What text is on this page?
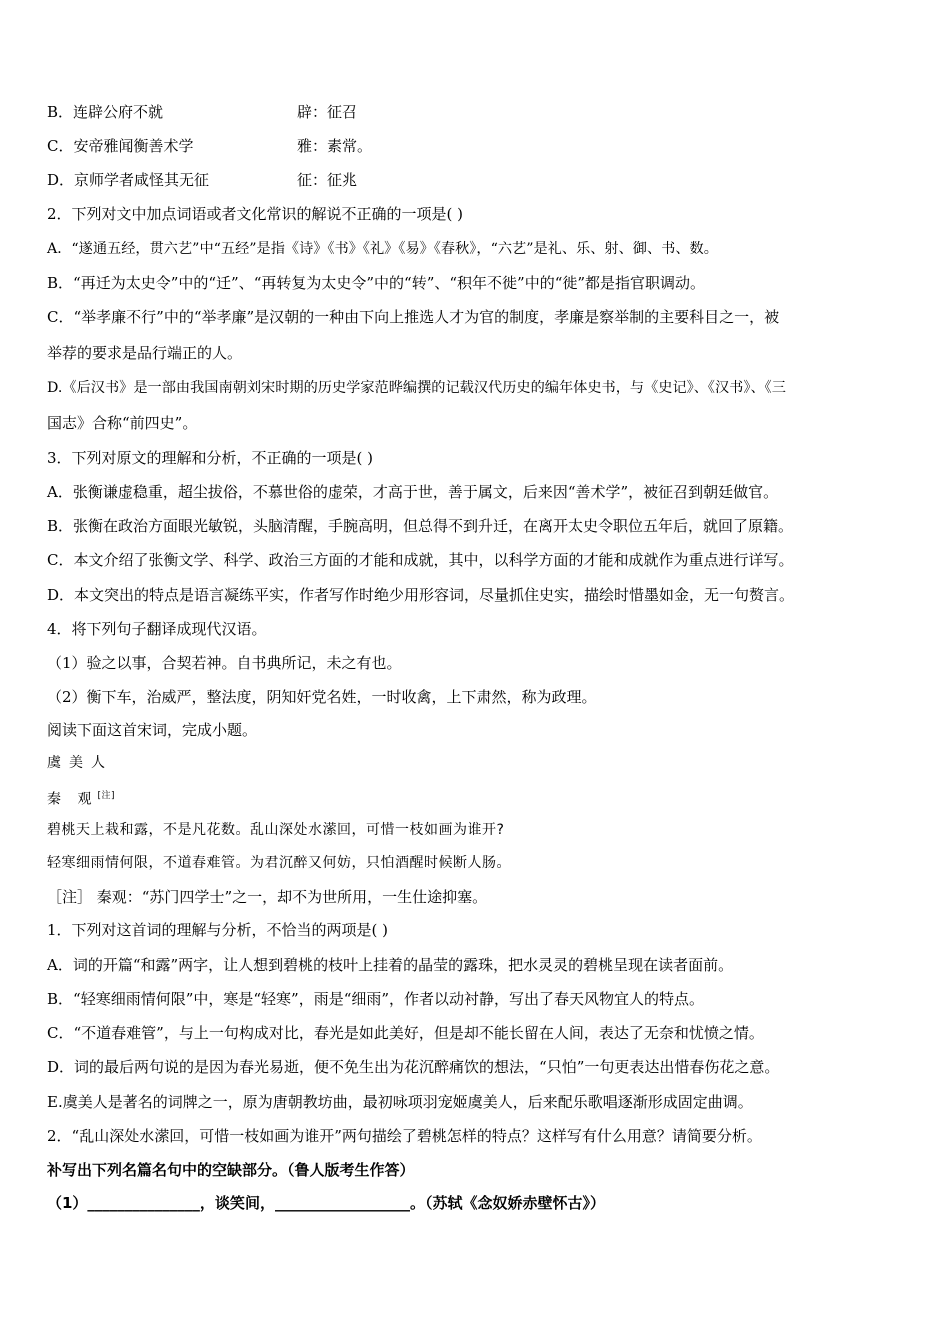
B．连辟公府不就	辟：征召
C．安帝雅闻衡善术学	雅：素常。
D．京师学者咸怪其无征	征：征兆
2．下列对文中加点词语或者文化常识的解说不正确的一项是( )
A．“遂通五经，贯六艺”中“五经”是指《诗》《书》《礼》《易》《春秋》，“六艺”是礼、乐、射、御、书、数。
B．“再迁为太史令”中的“迁”、“再转复为太史令”中的“转”、“积年不徙”中的“徙”都是指官职调动。
C．“举孝廉不行”中的“举孝廉”是汉朝的一种由下向上推选人才为官的制度，孝廉是察举制的主要科目之一，被
举荐的要求是品行端正的人。
D.《后汉书》是一部由我国南朝刘宋时期的历史学家范晔编撰的记载汉代历史的编年体史书，与《史记》、《汉书》、《三
国志》合称“前四史”。
3．下列对原文的理解和分析，不正确的一项是( )
A．张衡谦虚稳重，超尘拔俗，不慕世俗的虚荣，才高于世，善于属文，后来因“善术学”，被征召到朝廷做官。
B．张衡在政治方面眼光敏锐，头脑清醒，手腕高明，但总得不到升迁，在离开太史令职位五年后，就回了原籍。
C．本文介绍了张衡文学、科学、政治三方面的才能和成就，其中，以科学方面的才能和成就作为重点进行详写。
D．本文突出的特点是语言凝练平实，作者写作时绝少用形容词，尽量抓住史实，描绘时惜墨如金，无一句赘言。
4．将下列句子翻译成现代汉语。
（1）验之以事，合契若神。自书典所记，未之有也。
（2）衡下车，治威严，整法度，阴知奸党名姓，一时收禽，上下肃然，称为政理。
阅读下面这首宋词，完成小题。
虞美人
秦 观[注]
碧桃天上栽和露，不是凡花数。乱山深处水潆回，可惜一枝如画为谁开?
轻寒细雨情何限，不道春难管。为君沉醉又何妨，只怕酒醒时候断人肠。
［注］ 秦观：“苏门四学士”之一，却不为世所用，一生仕途抑塞。
1．下列对这首词的理解与分析，不恰当的两项是( )
A．词的开篇“和露”两字，让人想到碧桃的枝叶上挂着的晶莹的露珠，把水灵灵的碧桃呈现在读者面前。
B．“轻寒细雨情何限”中，寒是“轻寒”，雨是“细雨”，作者以动衬静，写出了春天风物宜人的特点。
C．“不道春难管”，与上一句构成对比，春光是如此美好，但是却不能长留在人间，表达了无奈和忧愤之情。
D．词的最后两句说的是因为春光易逝，便不免生出为花沉醉痛饮的想法，“只怕”一句更表达出惜春伤花之意。
E.虞美人是著名的词牌之一，原为唐朝教坊曲，最初咏项羽宠姬虞美人，后来配乐歌唱逐渐形成固定曲调。
2．“乱山深处水潆回，可惜一枝如画为谁开”两句描绘了碧桃怎样的特点？这样写有什么用意？请简要分析。
补写出下列名篇名句中的空缺部分。（鲁人版考生作答）
（1）_______________，谈笑间，__________________。（苏轼《念奴娇赤壁怀古》）
